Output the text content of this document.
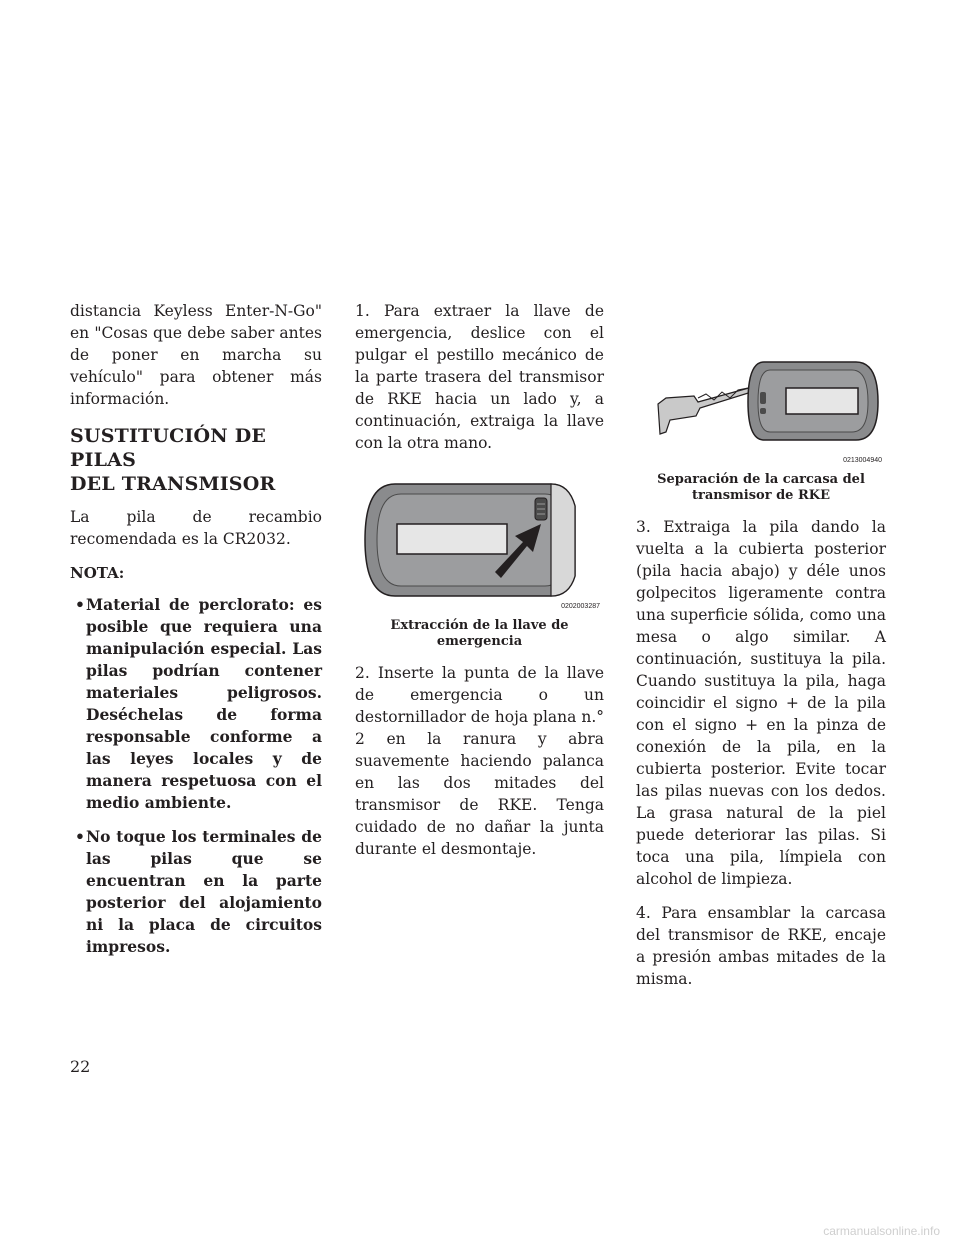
distancia Keyless Enter-N-Go" en "Cosas que debe saber antes de poner en marcha su vehículo" para obtener más información.

SUSTITUCIÓN DE PILAS
DEL TRANSMISOR

La pila de recambio recomendada es la CR2032.

NOTA:

•Material de perclorato: es posible que requiera una manipulación especial. Las pilas podrían contener materiales peligrosos. Deséchelas de forma responsable conforme a las leyes locales y de manera respetuosa con el medio ambiente.
•No toque los terminales de las pilas que se encuentran en la parte posterior del alojamiento ni la placa de circuitos impresos.

1. Para extraer la llave de emergencia, deslice con el pulgar el pestillo mecánico de la parte trasera del transmisor de RKE hacia un lado y, a continuación, extraiga la llave con la otra mano.

0202003287

Extracción de la llave de emergencia

2. Inserte la punta de la llave de emergencia o un destornillador de hoja plana n.° 2 en la ranura y abra suavemente haciendo palanca en las dos mitades del transmisor de RKE. Tenga cuidado de no dañar la junta durante el desmontaje.

0213004940

Separación de la carcasa del
transmisor de RKE

3. Extraiga la pila dando la vuelta a la cubierta posterior (pila hacia abajo) y déle unos golpecitos ligeramente contra una superficie sólida, como una mesa o algo similar. A continuación, sustituya la pila. Cuando sustituya la pila, haga coincidir el signo + de la pila con el signo + en la pinza de conexión de la pila, en la cubierta posterior. Evite tocar las pilas nuevas con los dedos. La grasa natural de la piel puede deteriorar las pilas. Si toca una pila, límpiela con alcohol de limpieza.

4. Para ensamblar la carcasa del transmisor de RKE, encaje a presión ambas mitades de la misma.

22
carmanualsonline.info
